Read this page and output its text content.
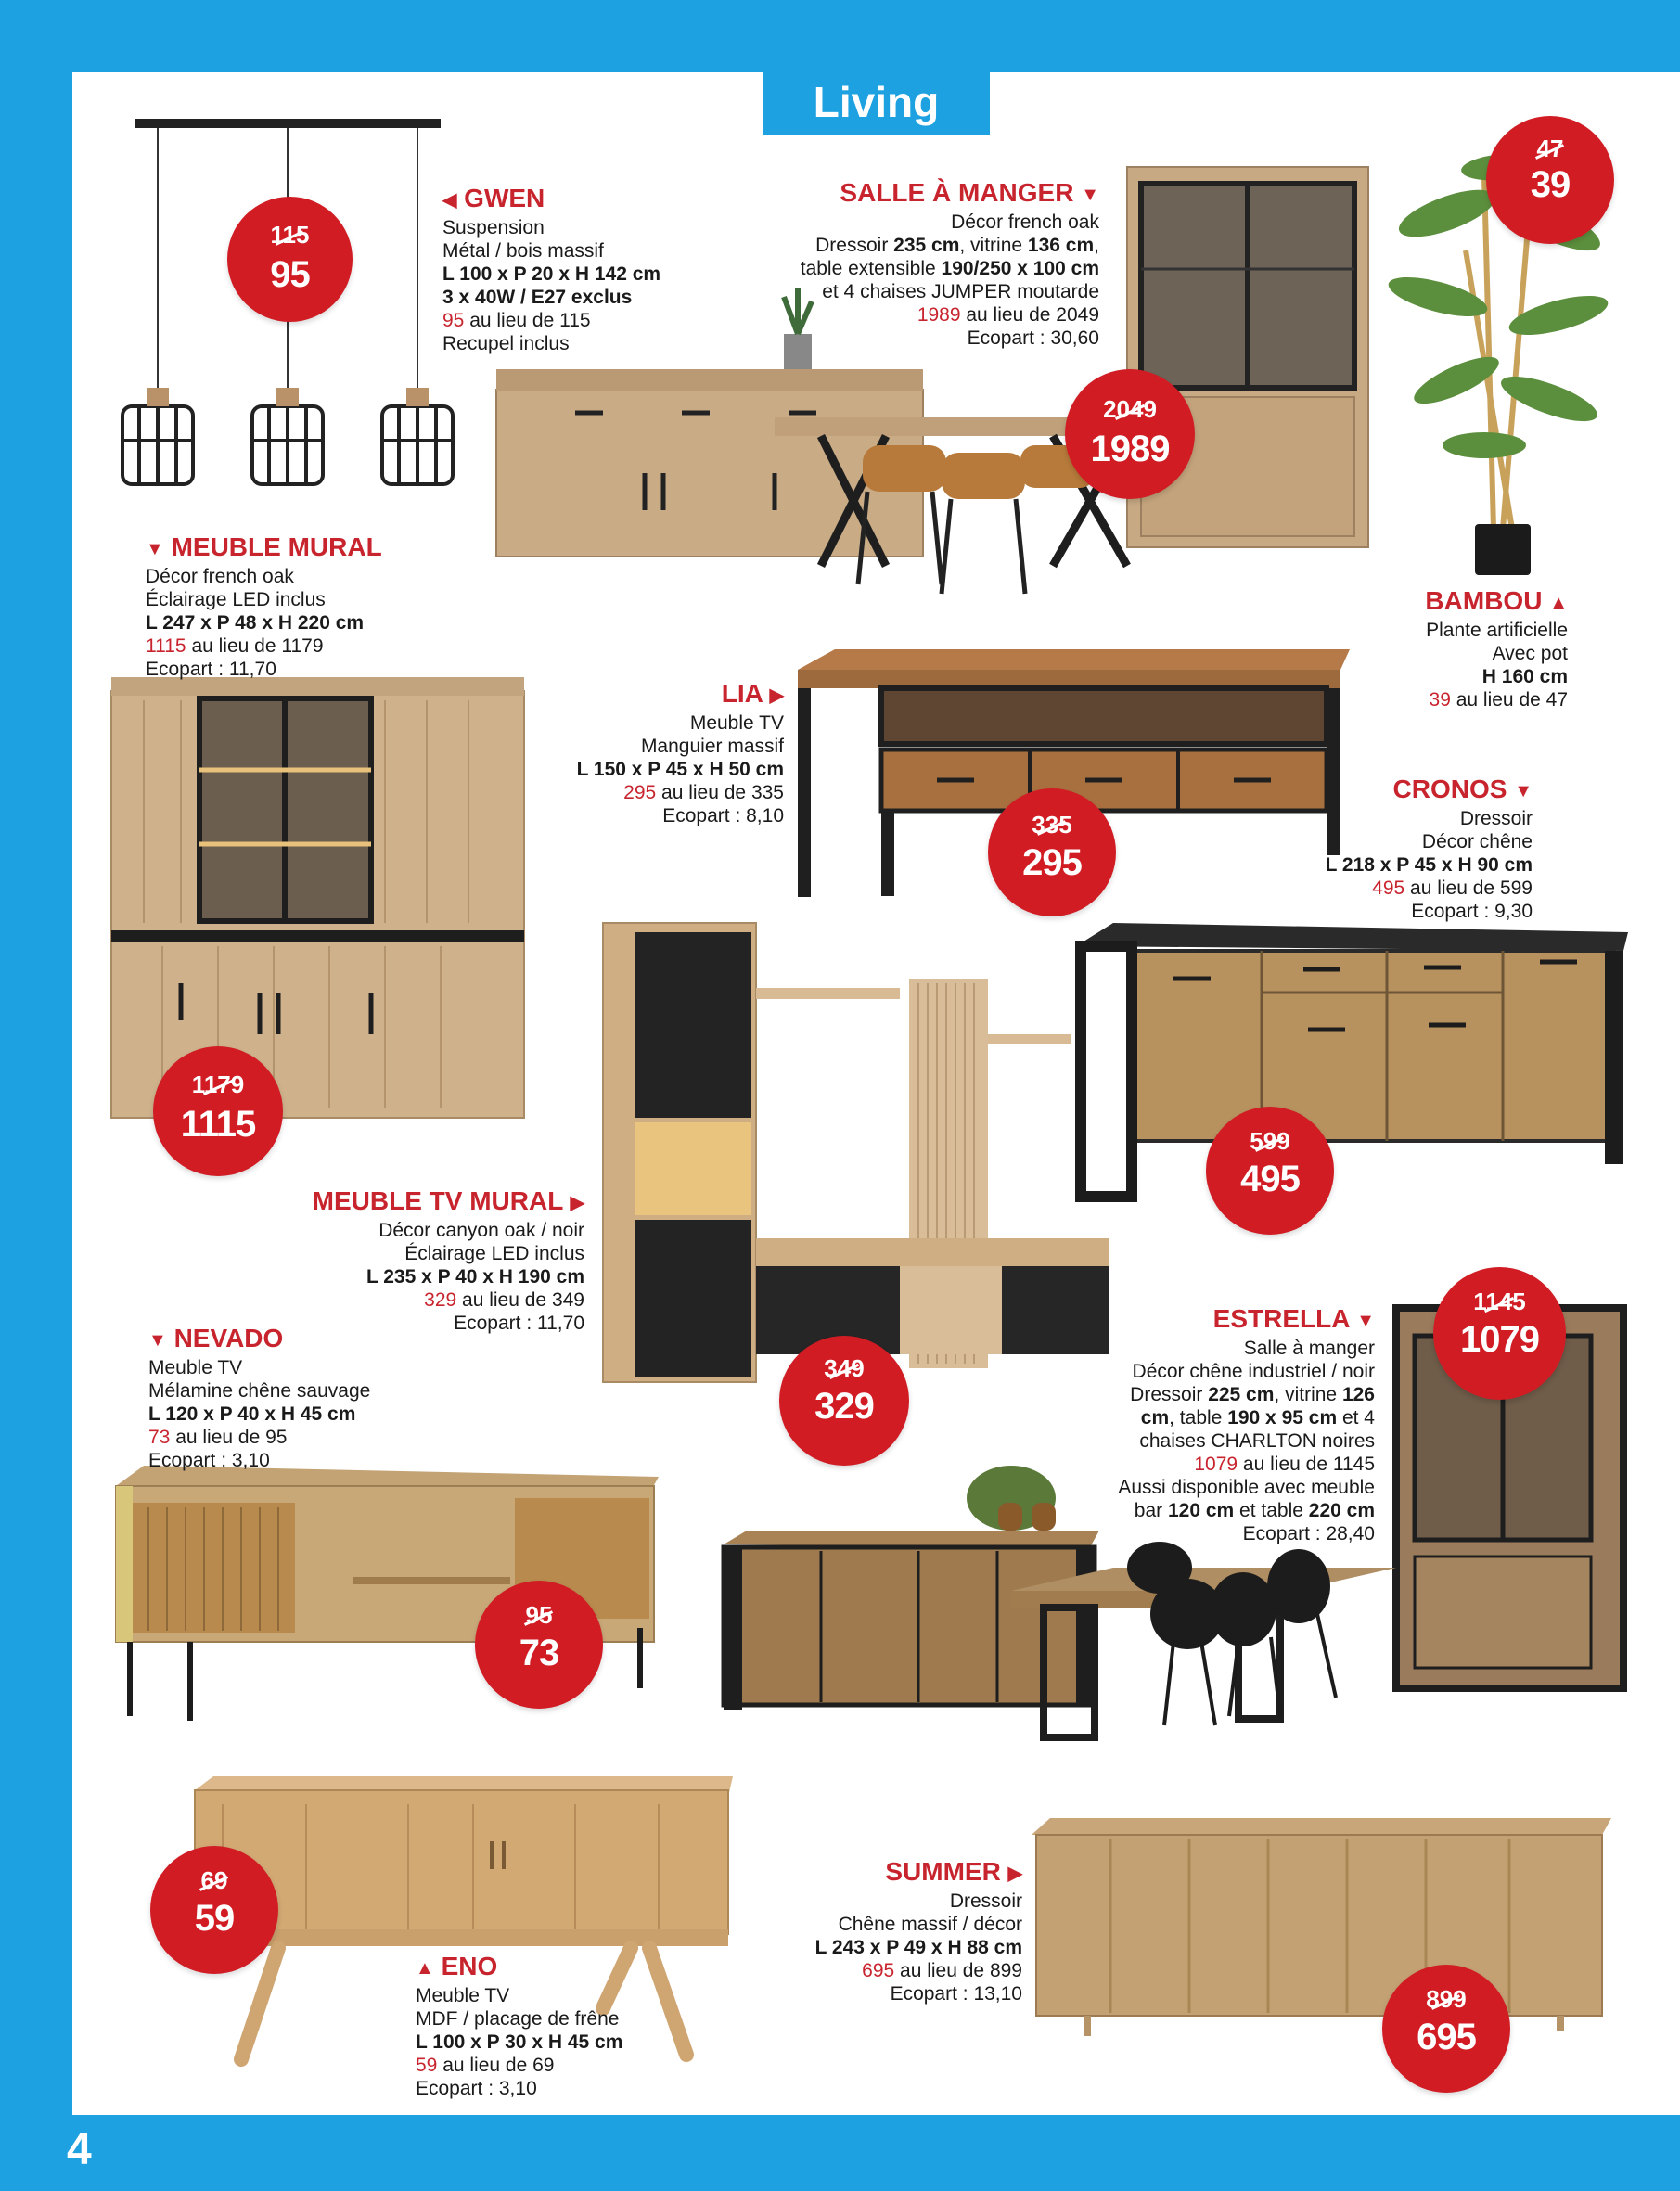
Living
4
◀ GWEN
Suspension
Métal / bois massif
L 100 x P 20 x H 142 cm
3 x 40W / E27 exclus
95 au lieu de 115
Recupel inclus
SALLE À MANGER ▼
Décor french oak
Dressoir 235 cm, vitrine 136 cm,
table extensible 190/250 x 100 cm
et 4 chaises JUMPER moutarde
1989 au lieu de 2049
Ecopart : 30,60
BAMBOU ▲
Plante artificielle
Avec pot
H 160 cm
39 au lieu de 47
▼ MEUBLE MURAL
Décor french oak
Éclairage LED inclus
L 247 x P 48 x H 220 cm
1115 au lieu de 1179
Ecopart : 11,70
LIA ▶
Meuble TV
Manguier massif
L 150 x P 45 x H 50 cm
295 au lieu de 335
Ecopart : 8,10
CRONOS ▼
Dressoir
Décor chêne
L 218 x P 45 x H 90 cm
495 au lieu de 599
Ecopart : 9,30
MEUBLE TV MURAL ▶
Décor canyon oak / noir
Éclairage LED inclus
L 235 x P 40 x H 190 cm
329 au lieu de 349
Ecopart : 11,70
▼ NEVADO
Meuble TV
Mélamine chêne sauvage
L 120 x P 40 x H 45 cm
73 au lieu de 95
Ecopart : 3,10
ESTRELLA ▼
Salle à manger
Décor chêne industriel / noir
Dressoir 225 cm, vitrine 126
cm, table 190 x 95 cm et 4
chaises CHARLTON noires
1079 au lieu de 1145
Aussi disponible avec meuble
bar 120 cm et table 220 cm
Ecopart : 28,40
SUMMER ▶
Dressoir
Chêne massif / décor
L 243 x P 49 x H 88 cm
695 au lieu de 899
Ecopart : 13,10
▲ ENO
Meuble TV
MDF / placage de frêne
L 100 x P 30 x H 45 cm
59 au lieu de 69
Ecopart : 3,10
115
95
2049
1989
47
39
1179
1115
335
295
599
495
349
329
95
73
1145
1079
899
695
69
59
